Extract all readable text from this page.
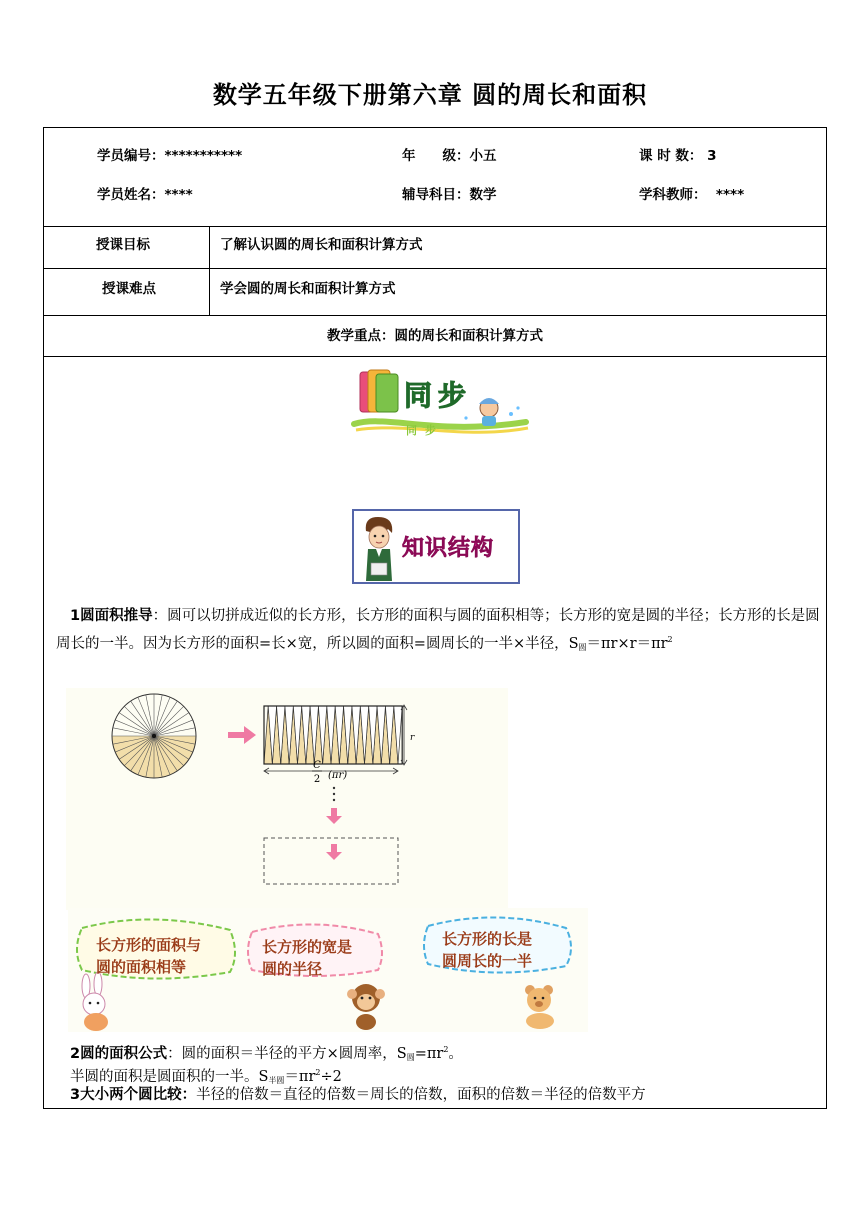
数学五年级下册第六章 圆的周长和面积
学员编号：***********	年　　级：小五	课 时 数： 3
学员姓名：****	辅导科目：数学	学科教师： ****
授课目标	了解认识圆的周长和面积计算方式
授课难点	学会圆的周长和面积计算方式
教学重点：圆的周长和面积计算方式
同步
同步
知识结构
1圆面积推导：圆可以切拼成近似的长方形，长方形的面积与圆的面积相等；长方形的宽是圆的半径；长方形的长是圆周长的一半。因为长方形的面积=长×宽，所以圆的面积=圆周长的一半×半径，$S_圆=\pi r\times r=\pi r^2$
r
C
2 (πr)
长方形的面积与
圆的面积相等
长方形的宽是
圆的半径
长方形的长是
圆周长的一半
2圆的面积公式：圆的面积＝半径的平方×圆周率，$S_圆=\pi r^2$。
半圆的面积是圆面积的一半。$S_{半圆}=\pi r^2\div 2$
3大小两个圆比较：半径的倍数＝直径的倍数＝周长的倍数，面积的倍数＝半径的倍数平方
